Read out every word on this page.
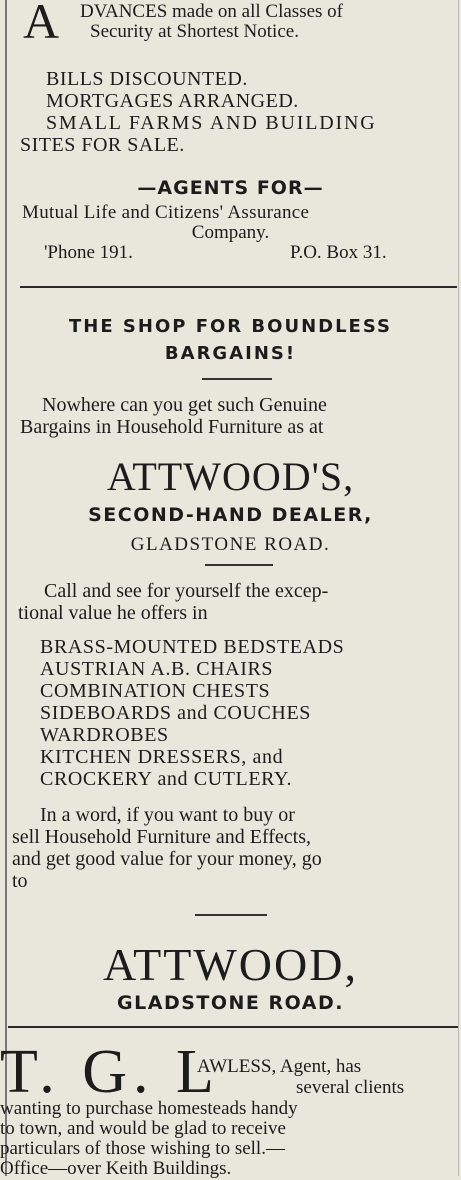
A DVANCES made on all Classes of
Security at Shortest Notice.
BILLS DISCOUNTED.
MORTGAGES ARRANGED.
SMALL FARMS AND BUILDING
SITES FOR SALE.
—AGENTS FOR—
Mutual Life and Citizens' Assurance
Company.
'Phone 191.	P.O. Box 31.
THE SHOP FOR BOUNDLESS
BARGAINS!
Nowhere can you get such Genuine
Bargains in Household Furniture as at
ATTWOOD'S,
SECOND-HAND DEALER,
GLADSTONE ROAD.
Call and see for yourself the excep-
tional value he offers in
BRASS-MOUNTED BEDSTEADS
AUSTRIAN A.B. CHAIRS
COMBINATION CHESTS
SIDEBOARDS and COUCHES
WARDROBES
KITCHEN DRESSERS, and
CROCKERY and CUTLERY.
In a word, if you want to buy or
sell Household Furniture and Effects,
and get good value for your money, go
to
ATTWOOD,
GLADSTONE ROAD.
T. G. L
AWLESS, Agent, has
several clients
wanting to purchase homesteads handy
to town, and would be glad to receive
particulars of those wishing to sell.—
Office—over Keith Buildings.
